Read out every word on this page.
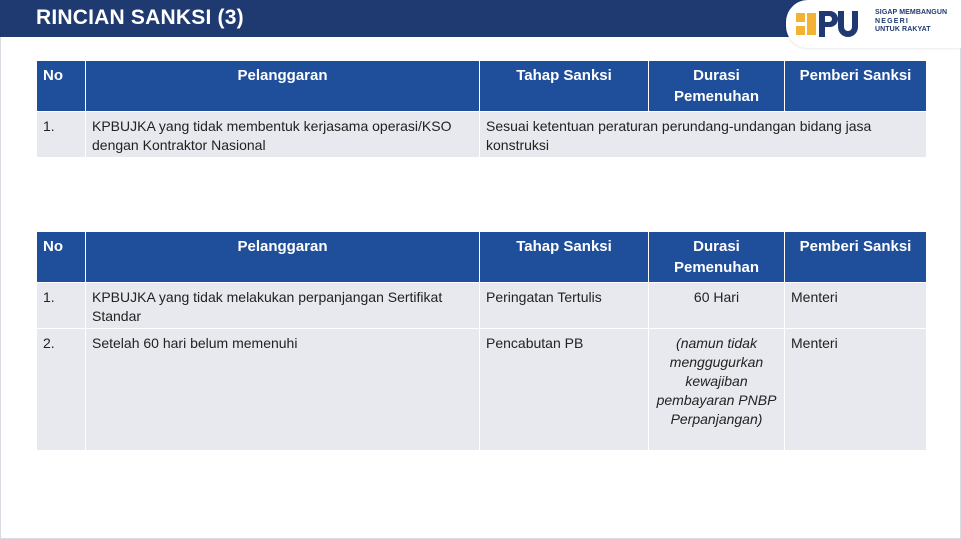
RINCIAN SANKSI (3)	SIGAP MEMBANGUN
NEGERI
UNTUK RAKYAT
No	Pelanggaran	Tahap Sanksi	Durasi Pemenuhan	Pemberi Sanksi
1.	KPBUJKA yang tidak membentuk kerjasama operasi/KSO dengan Kontraktor Nasional	Sesuai ketentuan peraturan perundang-undangan bidang jasa konstruksi		
No	Pelanggaran	Tahap Sanksi	Durasi Pemenuhan	Pemberi Sanksi
1.	KPBUJKA yang tidak melakukan perpanjangan Sertifikat Standar	Peringatan Tertulis	60 Hari	Menteri
2.	Setelah 60 hari belum memenuhi	Pencabutan PB	(namun tidak menggugurkan kewajiban pembayaran PNBP Perpanjangan)	Menteri
